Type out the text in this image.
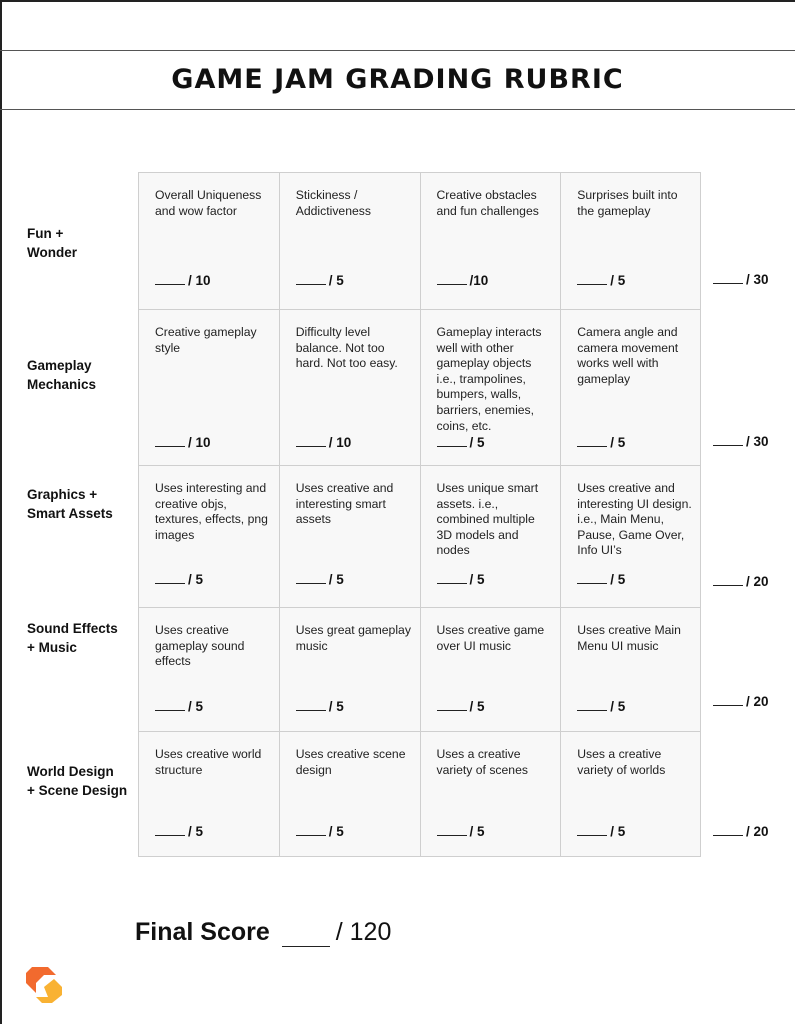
GAME JAM GRADING RUBRIC
Fun +
Wonder
Gameplay
Mechanics
Graphics +
Smart Assets
Sound Effects
+ Music
World Design
+ Scene Design
Overall Uniqueness and wow factor
/ 10
Stickiness / Addictiveness
/ 5
Creative obstacles and fun challenges
/10
Surprises built into the gameplay
/ 5
Creative gameplay style
/ 10
Difficulty level balance. Not too hard. Not too easy.
/ 10
Gameplay interacts well with other gameplay objects i.e., trampolines, bumpers, walls, barriers, enemies, coins, etc.
/ 5
Camera angle and camera movement works well with gameplay
/ 5
Uses interesting and creative objs, textures, effects, png images
/ 5
Uses creative and interesting smart assets
/ 5
Uses unique smart assets. i.e., combined multiple 3D models and nodes
/ 5
Uses creative and interesting UI design. i.e., Main Menu, Pause, Game Over, Info UI’s
/ 5
Uses creative gameplay sound effects
/ 5
Uses great gameplay music
/ 5
Uses creative game over UI music
/ 5
Uses creative Main Menu UI music
/ 5
Uses creative world structure
/ 5
Uses creative scene design
/ 5
Uses a creative variety of scenes
/ 5
Uses a creative variety of worlds
/ 5
/ 30
/ 30
/ 20
/ 20
/ 20
Final Score	/ 120
